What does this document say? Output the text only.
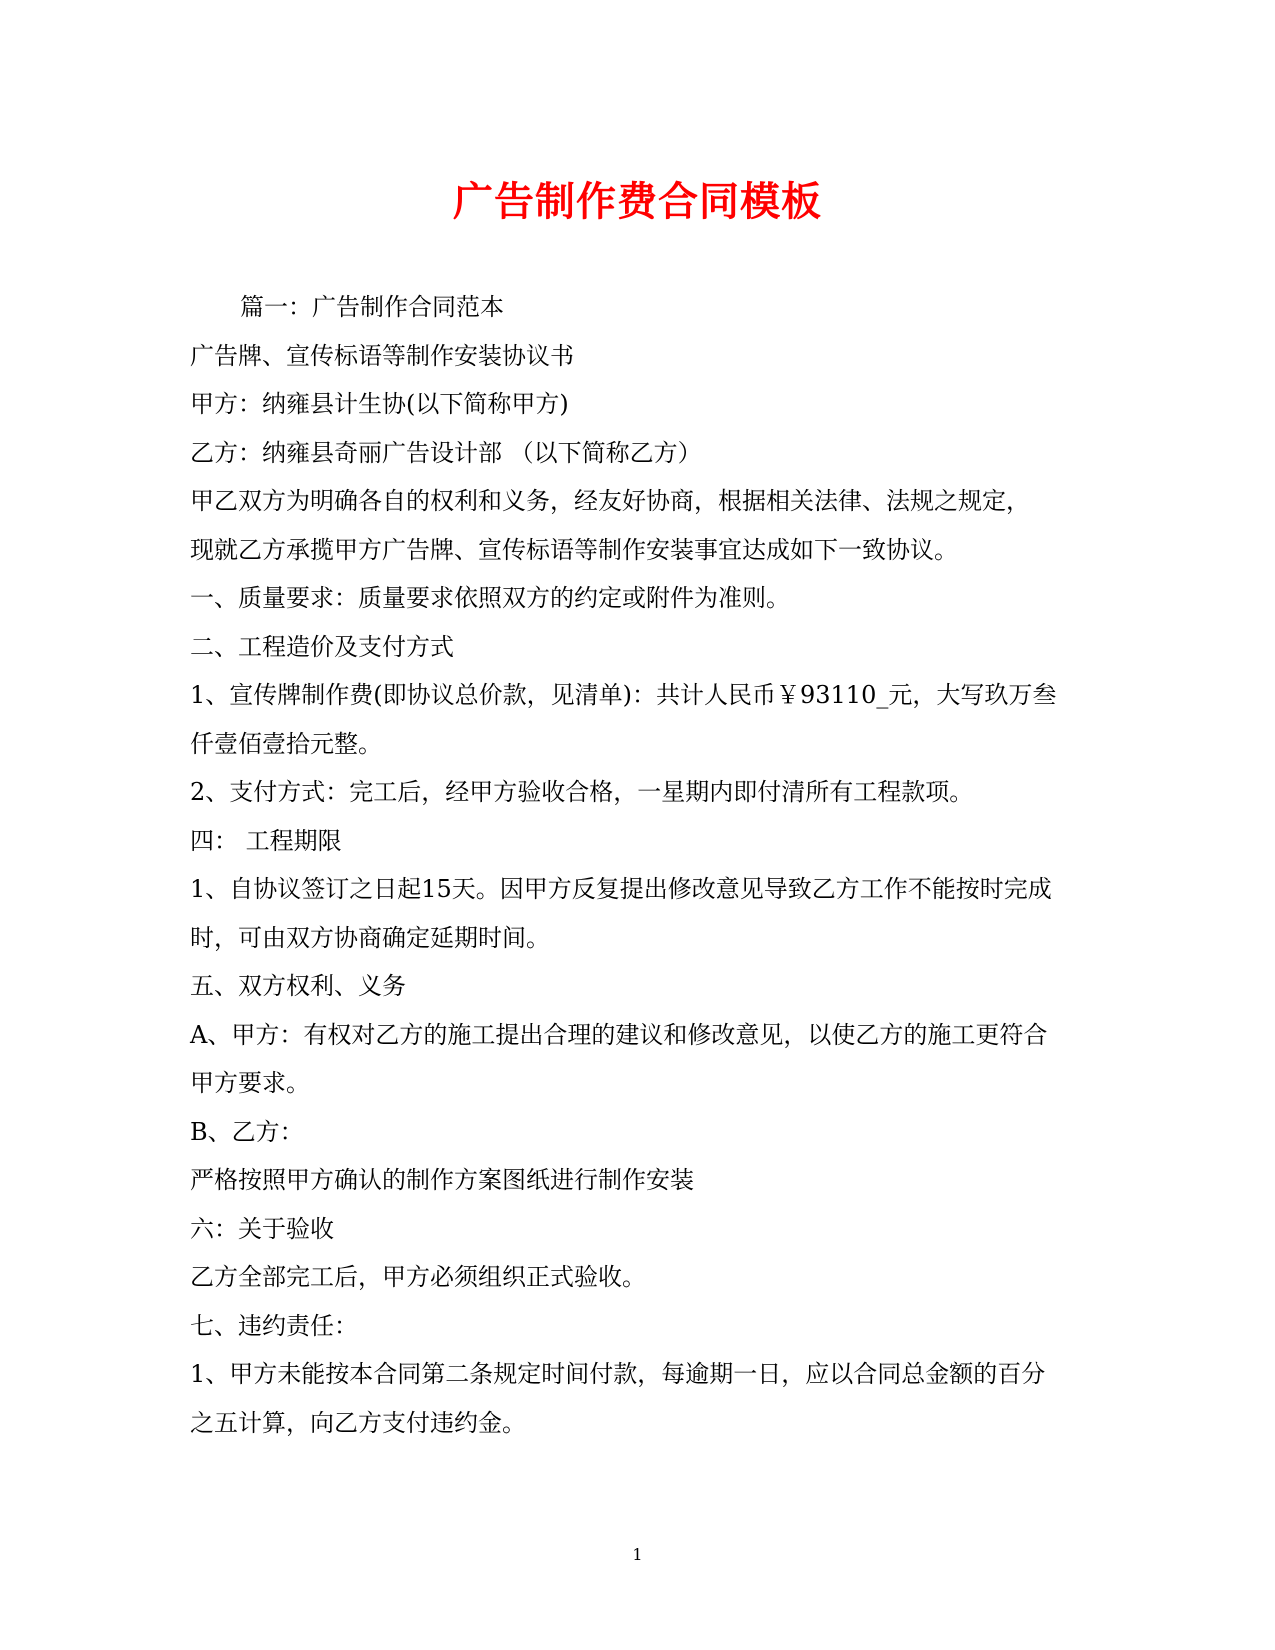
广告制作费合同模板
篇一：广告制作合同范本
广告牌、宣传标语等制作安装协议书
甲方：纳雍县计生协(以下简称甲方)
乙方：纳雍县奇丽广告设计部 （以下简称乙方）
甲乙双方为明确各自的权利和义务，经友好协商，根据相关法律、法规之规定，
现就乙方承揽甲方广告牌、宣传标语等制作安装事宜达成如下一致协议。
一、质量要求：质量要求依照双方的约定或附件为准则。
二、工程造价及支付方式
1、宣传牌制作费(即协议总价款，见清单)：共计人民币￥93110_元，大写玖万叁
仟壹佰壹拾元整。
2、支付方式：完工后，经甲方验收合格，一星期内即付清所有工程款项。
四： 工程期限
1、自协议签订之日起15天。因甲方反复提出修改意见导致乙方工作不能按时完成
时，可由双方协商确定延期时间。
五、双方权利、义务
A、甲方：有权对乙方的施工提出合理的建议和修改意见，以使乙方的施工更符合
甲方要求。
B、乙方：
严格按照甲方确认的制作方案图纸进行制作安装
六：关于验收
乙方全部完工后，甲方必须组织正式验收。
七、违约责任：
1、甲方未能按本合同第二条规定时间付款，每逾期一日，应以合同总金额的百分
之五计算，向乙方支付违约金。
1
